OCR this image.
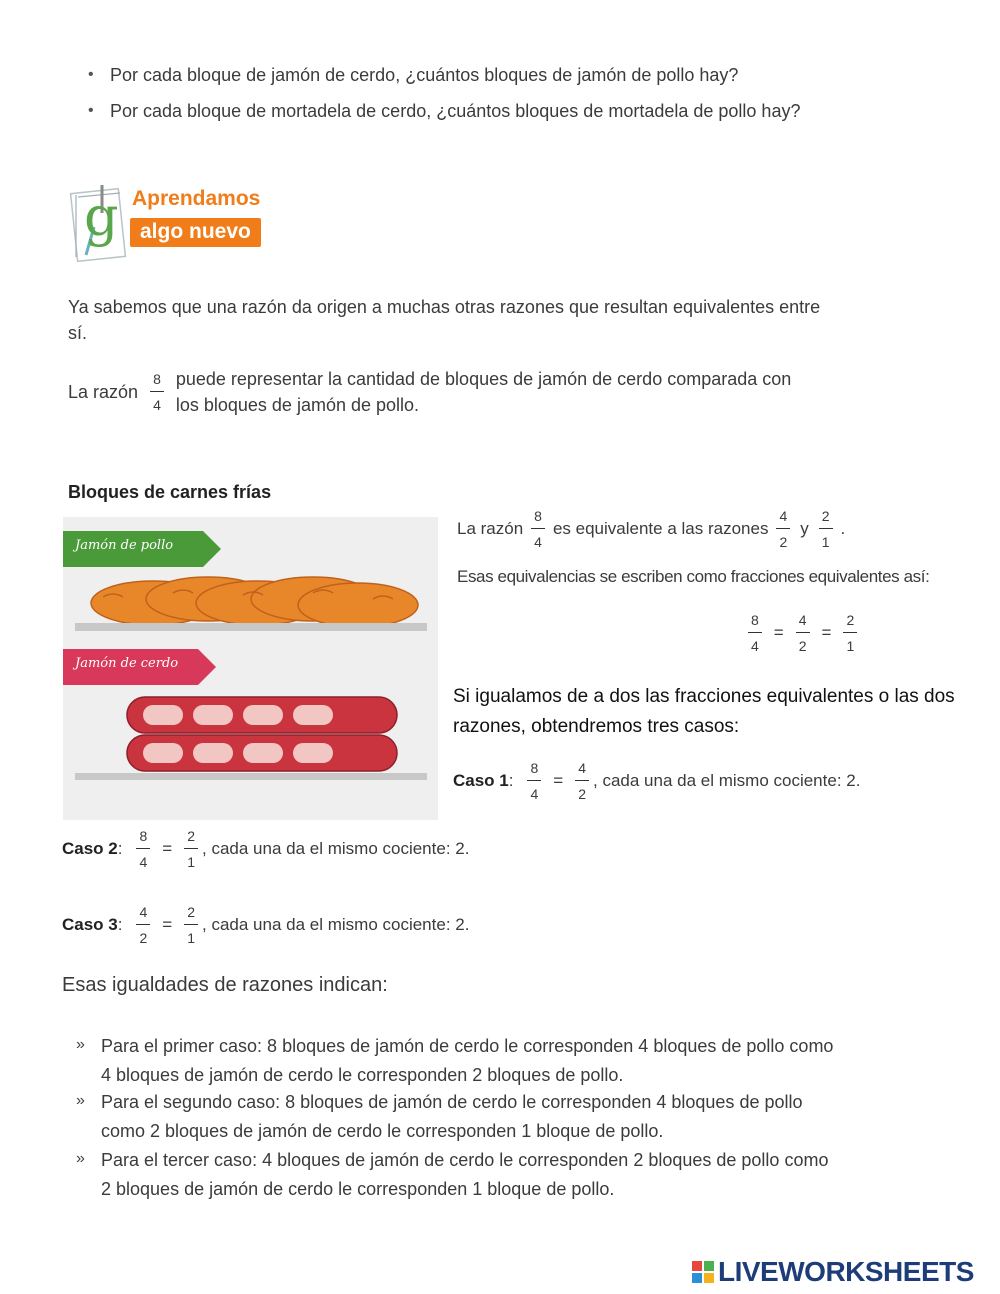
• Por cada bloque de jamón de cerdo, ¿cuántos bloques de jamón de pollo hay?
• Por cada bloque de mortadela de cerdo, ¿cuántos bloques de mortadela de pollo hay?
g Aprendamos
algo nuevo
Ya sabemos que una razón da origen a muchas otras razones que resultan equivalentes entre sí.
La razón $\frac{8}{4}$ puede representar la cantidad de bloques de jamón de cerdo comparada con los bloques de jamón de pollo.
Bloques de carnes frías
Jamón de pollo
Jamón de cerdo
La razón $\frac{8}{4}$ es equivalente a las razones $\frac{4}{2}$ y $\frac{2}{1}$ .
Esas equivalencias se escriben como fracciones equivalentes así:
$\frac{8}{4} = \frac{4}{2} = \frac{2}{1}$
Si igualamos de a dos las fracciones equivalentes o las dos razones, obtendremos tres casos:
Caso 1 : $\frac{8}{4} = \frac{4}{2}$ , cada una da el mismo cociente: 2.
Caso 2 : $\frac{8}{4} = \frac{2}{1}$ , cada una da el mismo cociente: 2.
Caso 3 : $\frac{4}{2} = \frac{2}{1}$ , cada una da el mismo cociente: 2.
Esas igualdades de razones indican:
» Para el primer caso: 8 bloques de jamón de cerdo le corresponden 4 bloques de pollo como 4 bloques de jamón de cerdo le corresponden 2 bloques de pollo.
» Para el segundo caso: 8 bloques de jamón de cerdo le corresponden 4 bloques de pollo como 2 bloques de jamón de cerdo le corresponden 1 bloque de pollo.
» Para el tercer caso: 4 bloques de jamón de cerdo le corresponden 2 bloques de pollo como 2 bloques de jamón de cerdo le corresponden 1 bloque de pollo.
LIVEWORKSHEETS
